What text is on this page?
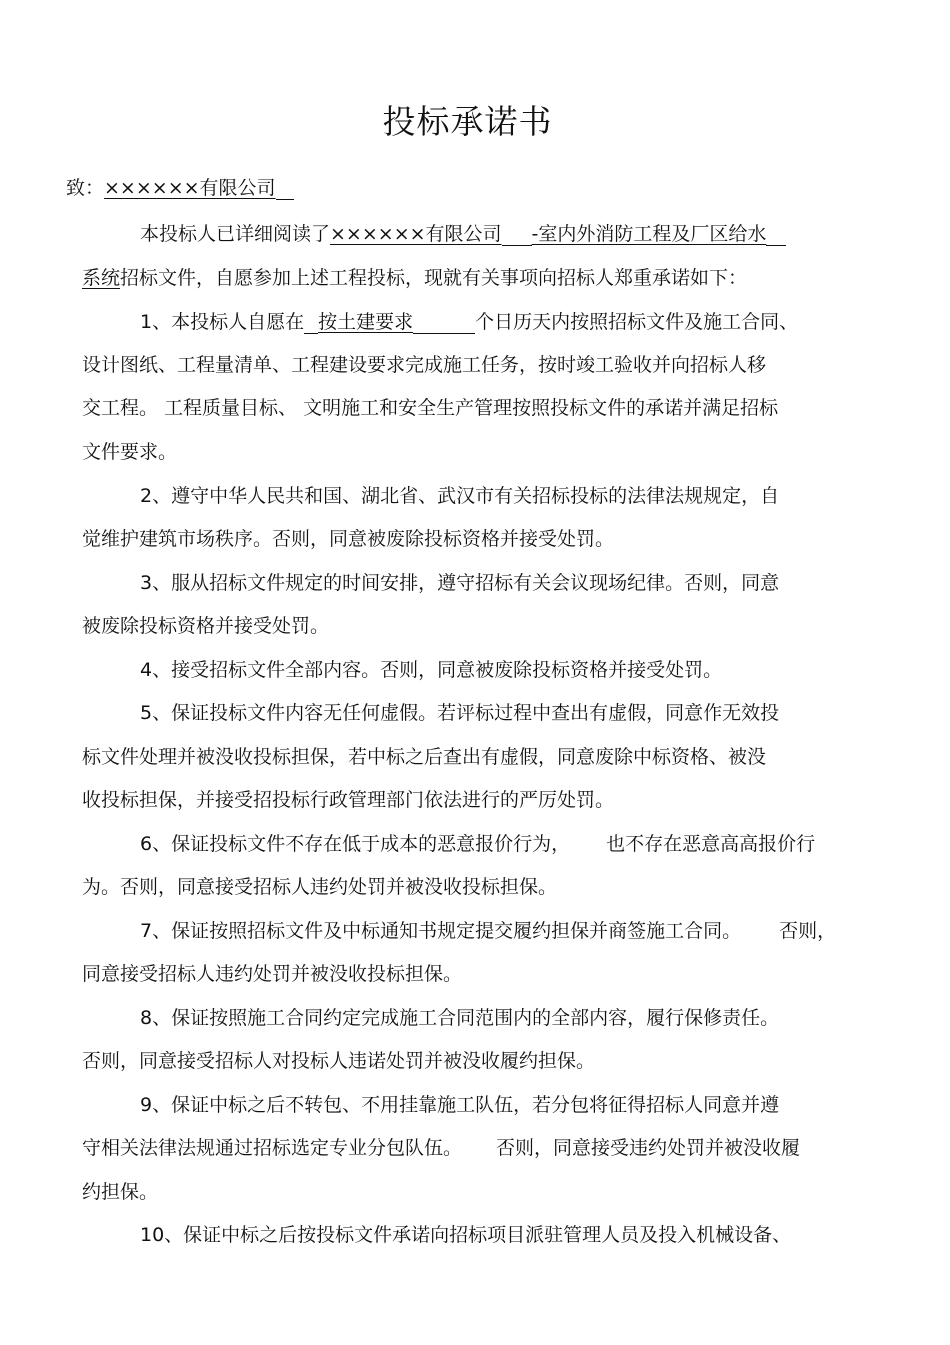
投标承诺书
致：××××××有限公司
本投标人已详细阅读了××××××有限公司 -室内外消防工程及厂区给水
系统招标文件，自愿参加上述工程投标，现就有关事项向招标人郑重承诺如下：
1、本投标人自愿在 按土建要求	个日历天内按照招标文件及施工合同、
设计图纸、工程量清单、工程建设要求完成施工任务，按时竣工验收并向招标人移
交工程。 工程质量目标、 文明施工和安全生产管理按照投标文件的承诺并满足招标
文件要求。
2、遵守中华人民共和国、湖北省、武汉市有关招标投标的法律法规规定，自
觉维护建筑市场秩序。否则，同意被废除投标资格并接受处罚。
3、服从招标文件规定的时间安排，遵守招标有关会议现场纪律。否则，同意
被废除投标资格并接受处罚。
4、接受招标文件全部内容。否则，同意被废除投标资格并接受处罚。
5、保证投标文件内容无任何虚假。若评标过程中查出有虚假，同意作无效投
标文件处理并被没收投标担保，若中标之后查出有虚假，同意废除中标资格、被没
收投标担保，并接受招投标行政管理部门依法进行的严厉处罚。
6、保证投标文件不存在低于成本的恶意报价行为， 也不存在恶意高高报价行
为。否则，同意接受招标人违约处罚并被没收投标担保。
7、保证按照招标文件及中标通知书规定提交履约担保并商签施工合同。 否则，
同意接受招标人违约处罚并被没收投标担保。
8、保证按照施工合同约定完成施工合同范围内的全部内容，履行保修责任。
否则，同意接受招标人对投标人违诺处罚并被没收履约担保。
9、保证中标之后不转包、不用挂靠施工队伍，若分包将征得招标人同意并遵
守相关法律法规通过招标选定专业分包队伍。 否则，同意接受违约处罚并被没收履
约担保。
10、保证中标之后按投标文件承诺向招标项目派驻管理人员及投入机械设备、
